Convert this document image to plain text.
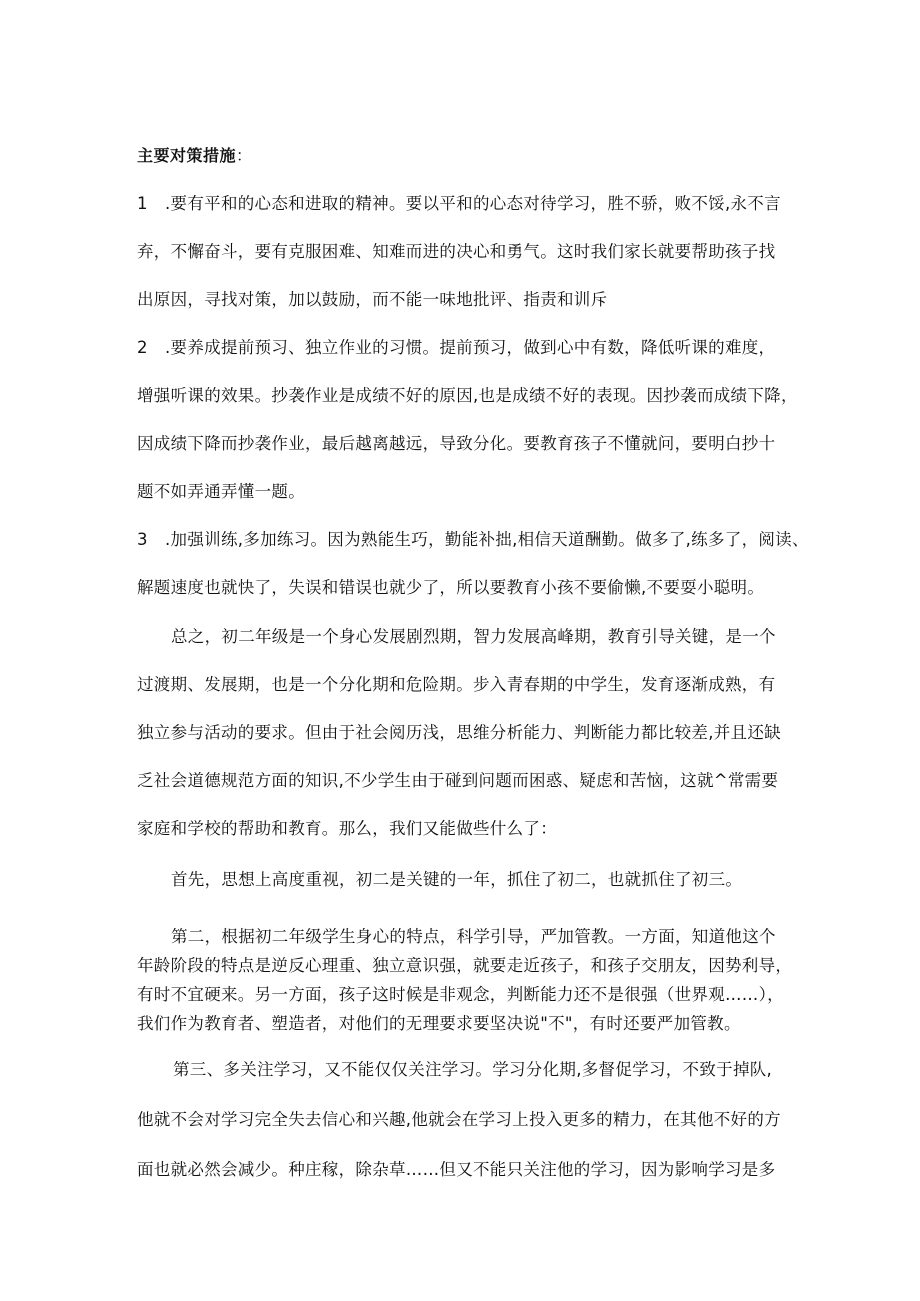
主要对策措施：
1 .要有平和的心态和进取的精神。要以平和的心态对待学习，胜不骄，败不馁,永不言
弃，不懈奋斗，要有克服困难、知难而进的决心和勇气。这时我们家长就要帮助孩子找
出原因，寻找对策，加以鼓励，而不能一味地批评、指责和训斥
2 .要养成提前预习、独立作业的习惯。提前预习，做到心中有数，降低听课的难度，
增强听课的效果。抄袭作业是成绩不好的原因,也是成绩不好的表现。因抄袭而成绩下降，
因成绩下降而抄袭作业，最后越离越远，导致分化。要教育孩子不懂就问，要明白抄十
题不如弄通弄懂一题。
3 .加强训练,多加练习。因为熟能生巧，勤能补拙,相信天道酬勤。做多了,练多了，阅读、
解题速度也就快了，失误和错误也就少了，所以要教育小孩不要偷懒,不要耍小聪明。
总之，初二年级是一个身心发展剧烈期，智力发展高峰期，教育引导关键，是一个
过渡期、发展期，也是一个分化期和危险期。步入青春期的中学生，发育逐渐成熟，有
独立参与活动的要求。但由于社会阅历浅，思维分析能力、判断能力都比较差,并且还缺
乏社会道德规范方面的知识,不少学生由于碰到问题而困惑、疑虑和苦恼，这就^常需要
家庭和学校的帮助和教育。那么，我们又能做些什么了：
首先，思想上高度重视，初二是关键的一年，抓住了初二，也就抓住了初三。
第二，根据初二年级学生身心的特点，科学引导，严加管教。一方面，知道他这个
年龄阶段的特点是逆反心理重、独立意识强，就要走近孩子，和孩子交朋友，因势利导，
有时不宜硬来。另一方面，孩子这时候是非观念，判断能力还不是很强（世界观……），
我们作为教育者、塑造者，对他们的无理要求要坚决说"不"，有时还要严加管教。
第三、多关注学习，又不能仅仅关注学习。学习分化期,多督促学习，不致于掉队,
他就不会对学习完全失去信心和兴趣,他就会在学习上投入更多的精力，在其他不好的方
面也就必然会减少。种庄稼，除杂草……但又不能只关注他的学习，因为影响学习是多
